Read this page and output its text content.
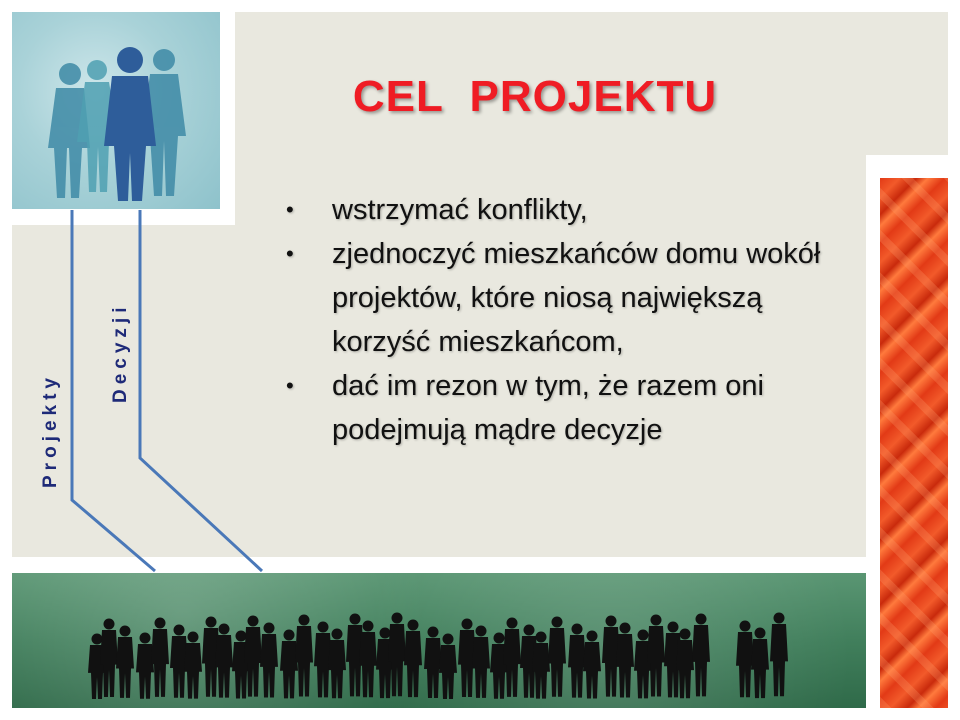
Projekty
Decyzji
CEL  PROJEKTU
• wstrzymać konflikty,
• zjednoczyć mieszkańców domu wokół projektów, które niosą największą korzyść mieszkańcom,
• dać im rezon w tym, że razem oni podejmują mądre decyzje
